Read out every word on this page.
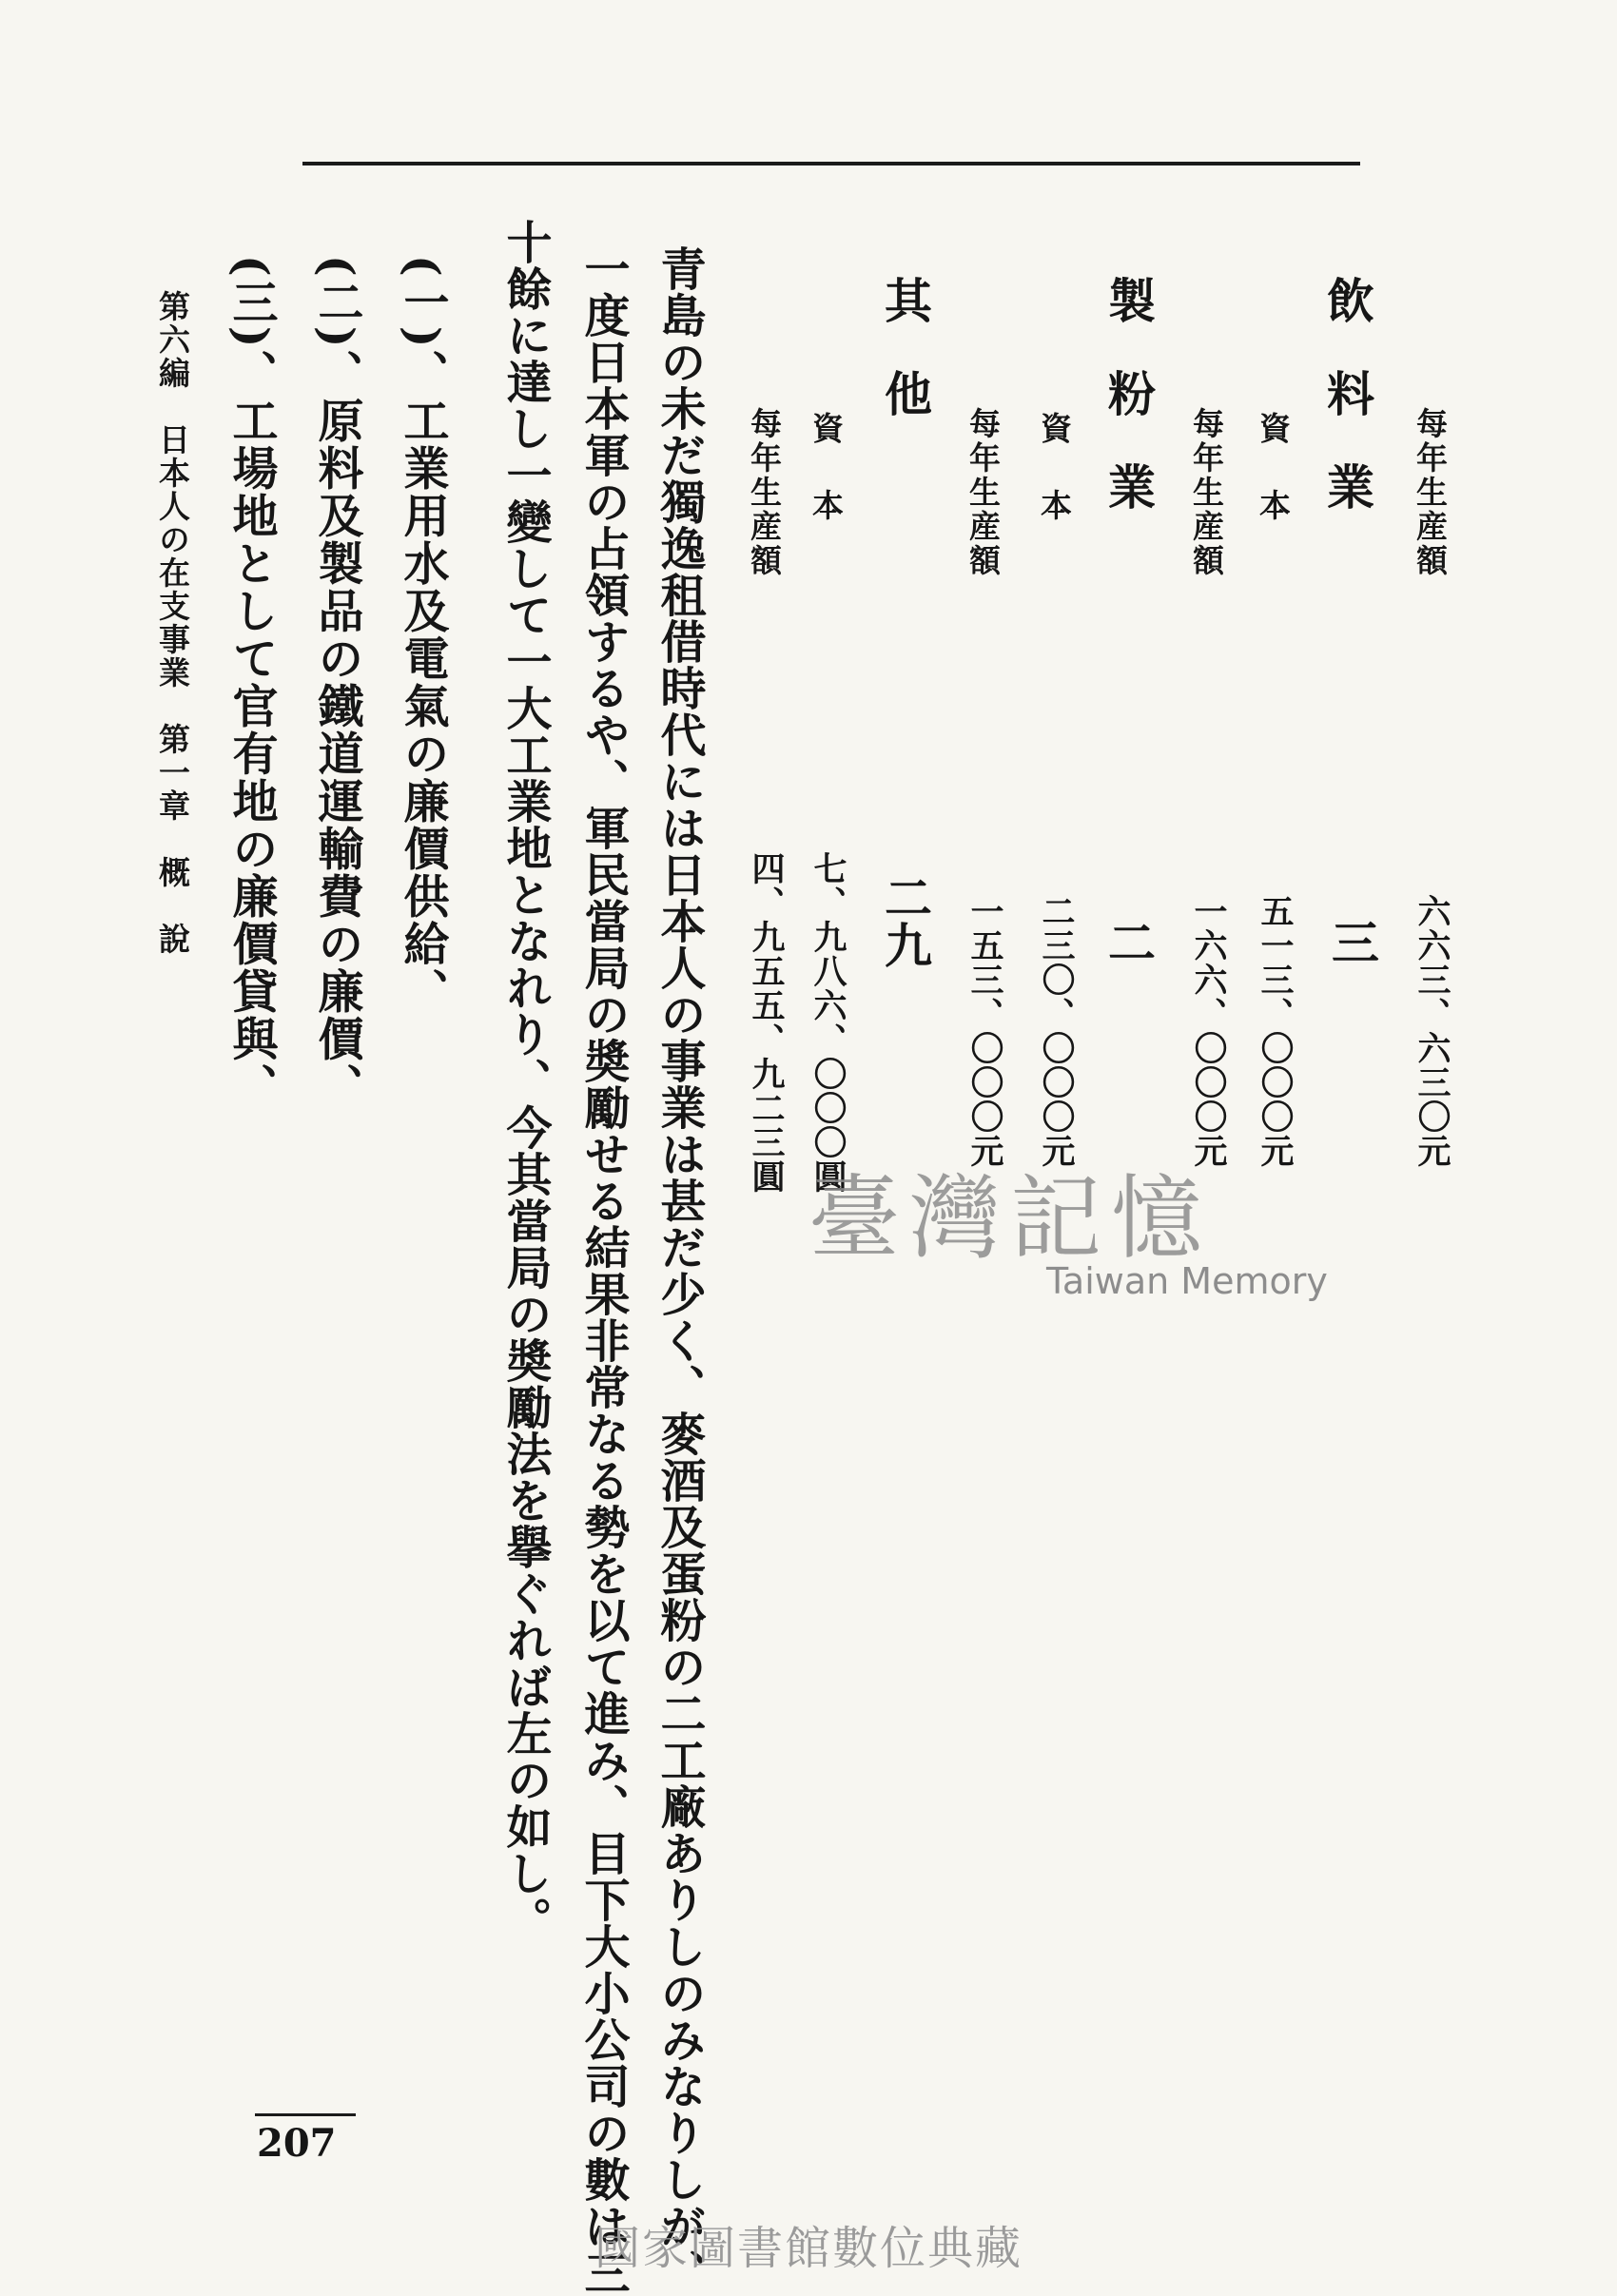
飲料業 每年生産額
六六三、六三〇元
三
資本
五一三、〇〇〇元
每年生産額
一六六、〇〇〇元
製粉業
二
資本
二三〇、〇〇〇元
每年生産額
一五三、〇〇〇元
其他
二九
資本
七、九八六、〇〇〇圓
每年生産額
四、九五五、九二三圓
青島の未だ獨逸租借時代には日本人の事業は甚だ少く、麥酒及蛋粉の二工廠ありしのみなりしが、
一度日本軍の占領するや、軍民當局の奬勵せる結果非常なる勢を以て進み、目下大小公司の數は三
十餘に達し一變して一大工業地となれり、今其當局の奬勵法を擧ぐれば左の如し。
(一)、工業用水及電氣の廉價供給、
(二)、原料及製品の鐵道運輸費の廉價、
(三)、工場地として官有地の廉價貸與、
第六編　日本人の在支事業　第一章　概　說
207
臺灣記憶
Taiwan Memory
國家圖書館數位典藏
